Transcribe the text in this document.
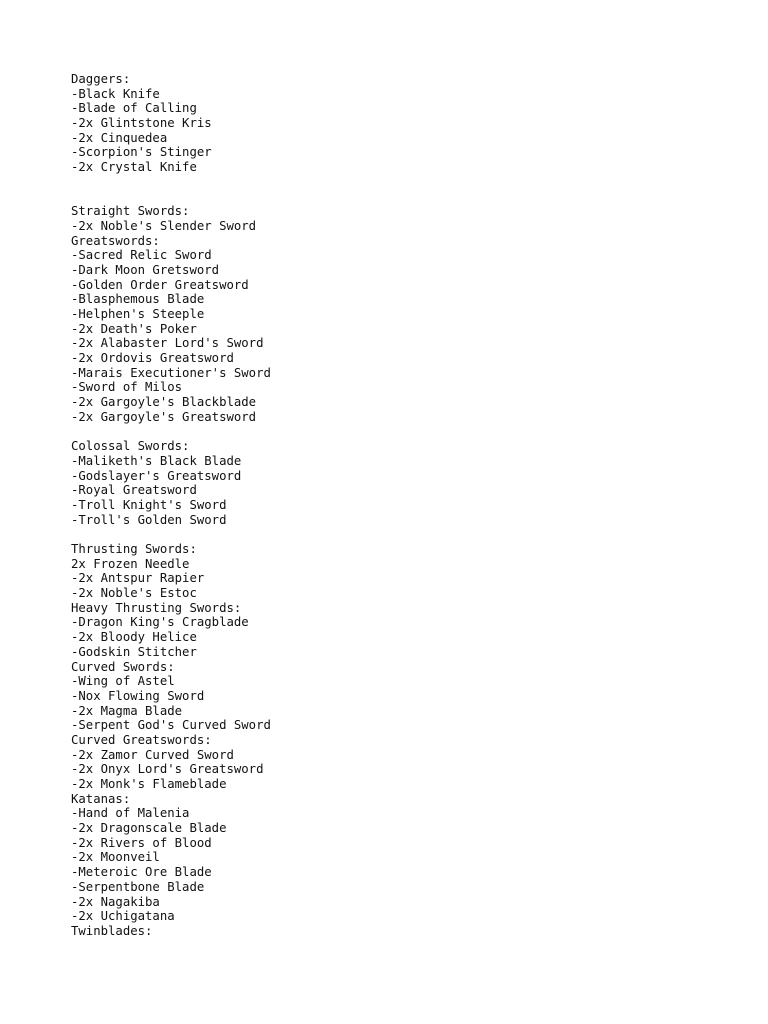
Daggers:
-Black Knife
-Blade of Calling
-2x Glintstone Kris
-2x Cinquedea
-Scorpion's Stinger
-2x Crystal Knife
Straight Swords:
-2x Noble's Slender Sword
Greatswords:
-Sacred Relic Sword
-Dark Moon Gretsword
-Golden Order Greatsword
-Blasphemous Blade
-Helphen's Steeple
-2x Death's Poker
-2x Alabaster Lord's Sword
-2x Ordovis Greatsword
-Marais Executioner's Sword
-Sword of Milos
-2x Gargoyle's Blackblade
-2x Gargoyle's Greatsword
Colossal Swords:
-Maliketh's Black Blade
-Godslayer's Greatsword
-Royal Greatsword
-Troll Knight's Sword
-Troll's Golden Sword
Thrusting Swords:
2x Frozen Needle
-2x Antspur Rapier
-2x Noble's Estoc
Heavy Thrusting Swords:
-Dragon King's Cragblade
-2x Bloody Helice
-Godskin Stitcher
Curved Swords:
-Wing of Astel
-Nox Flowing Sword
-2x Magma Blade
-Serpent God's Curved Sword
Curved Greatswords:
-2x Zamor Curved Sword
-2x Onyx Lord's Greatsword
-2x Monk's Flameblade
Katanas:
-Hand of Malenia
-2x Dragonscale Blade
-2x Rivers of Blood
-2x Moonveil
-Meteroic Ore Blade
-Serpentbone Blade
-2x Nagakiba
-2x Uchigatana
Twinblades:
